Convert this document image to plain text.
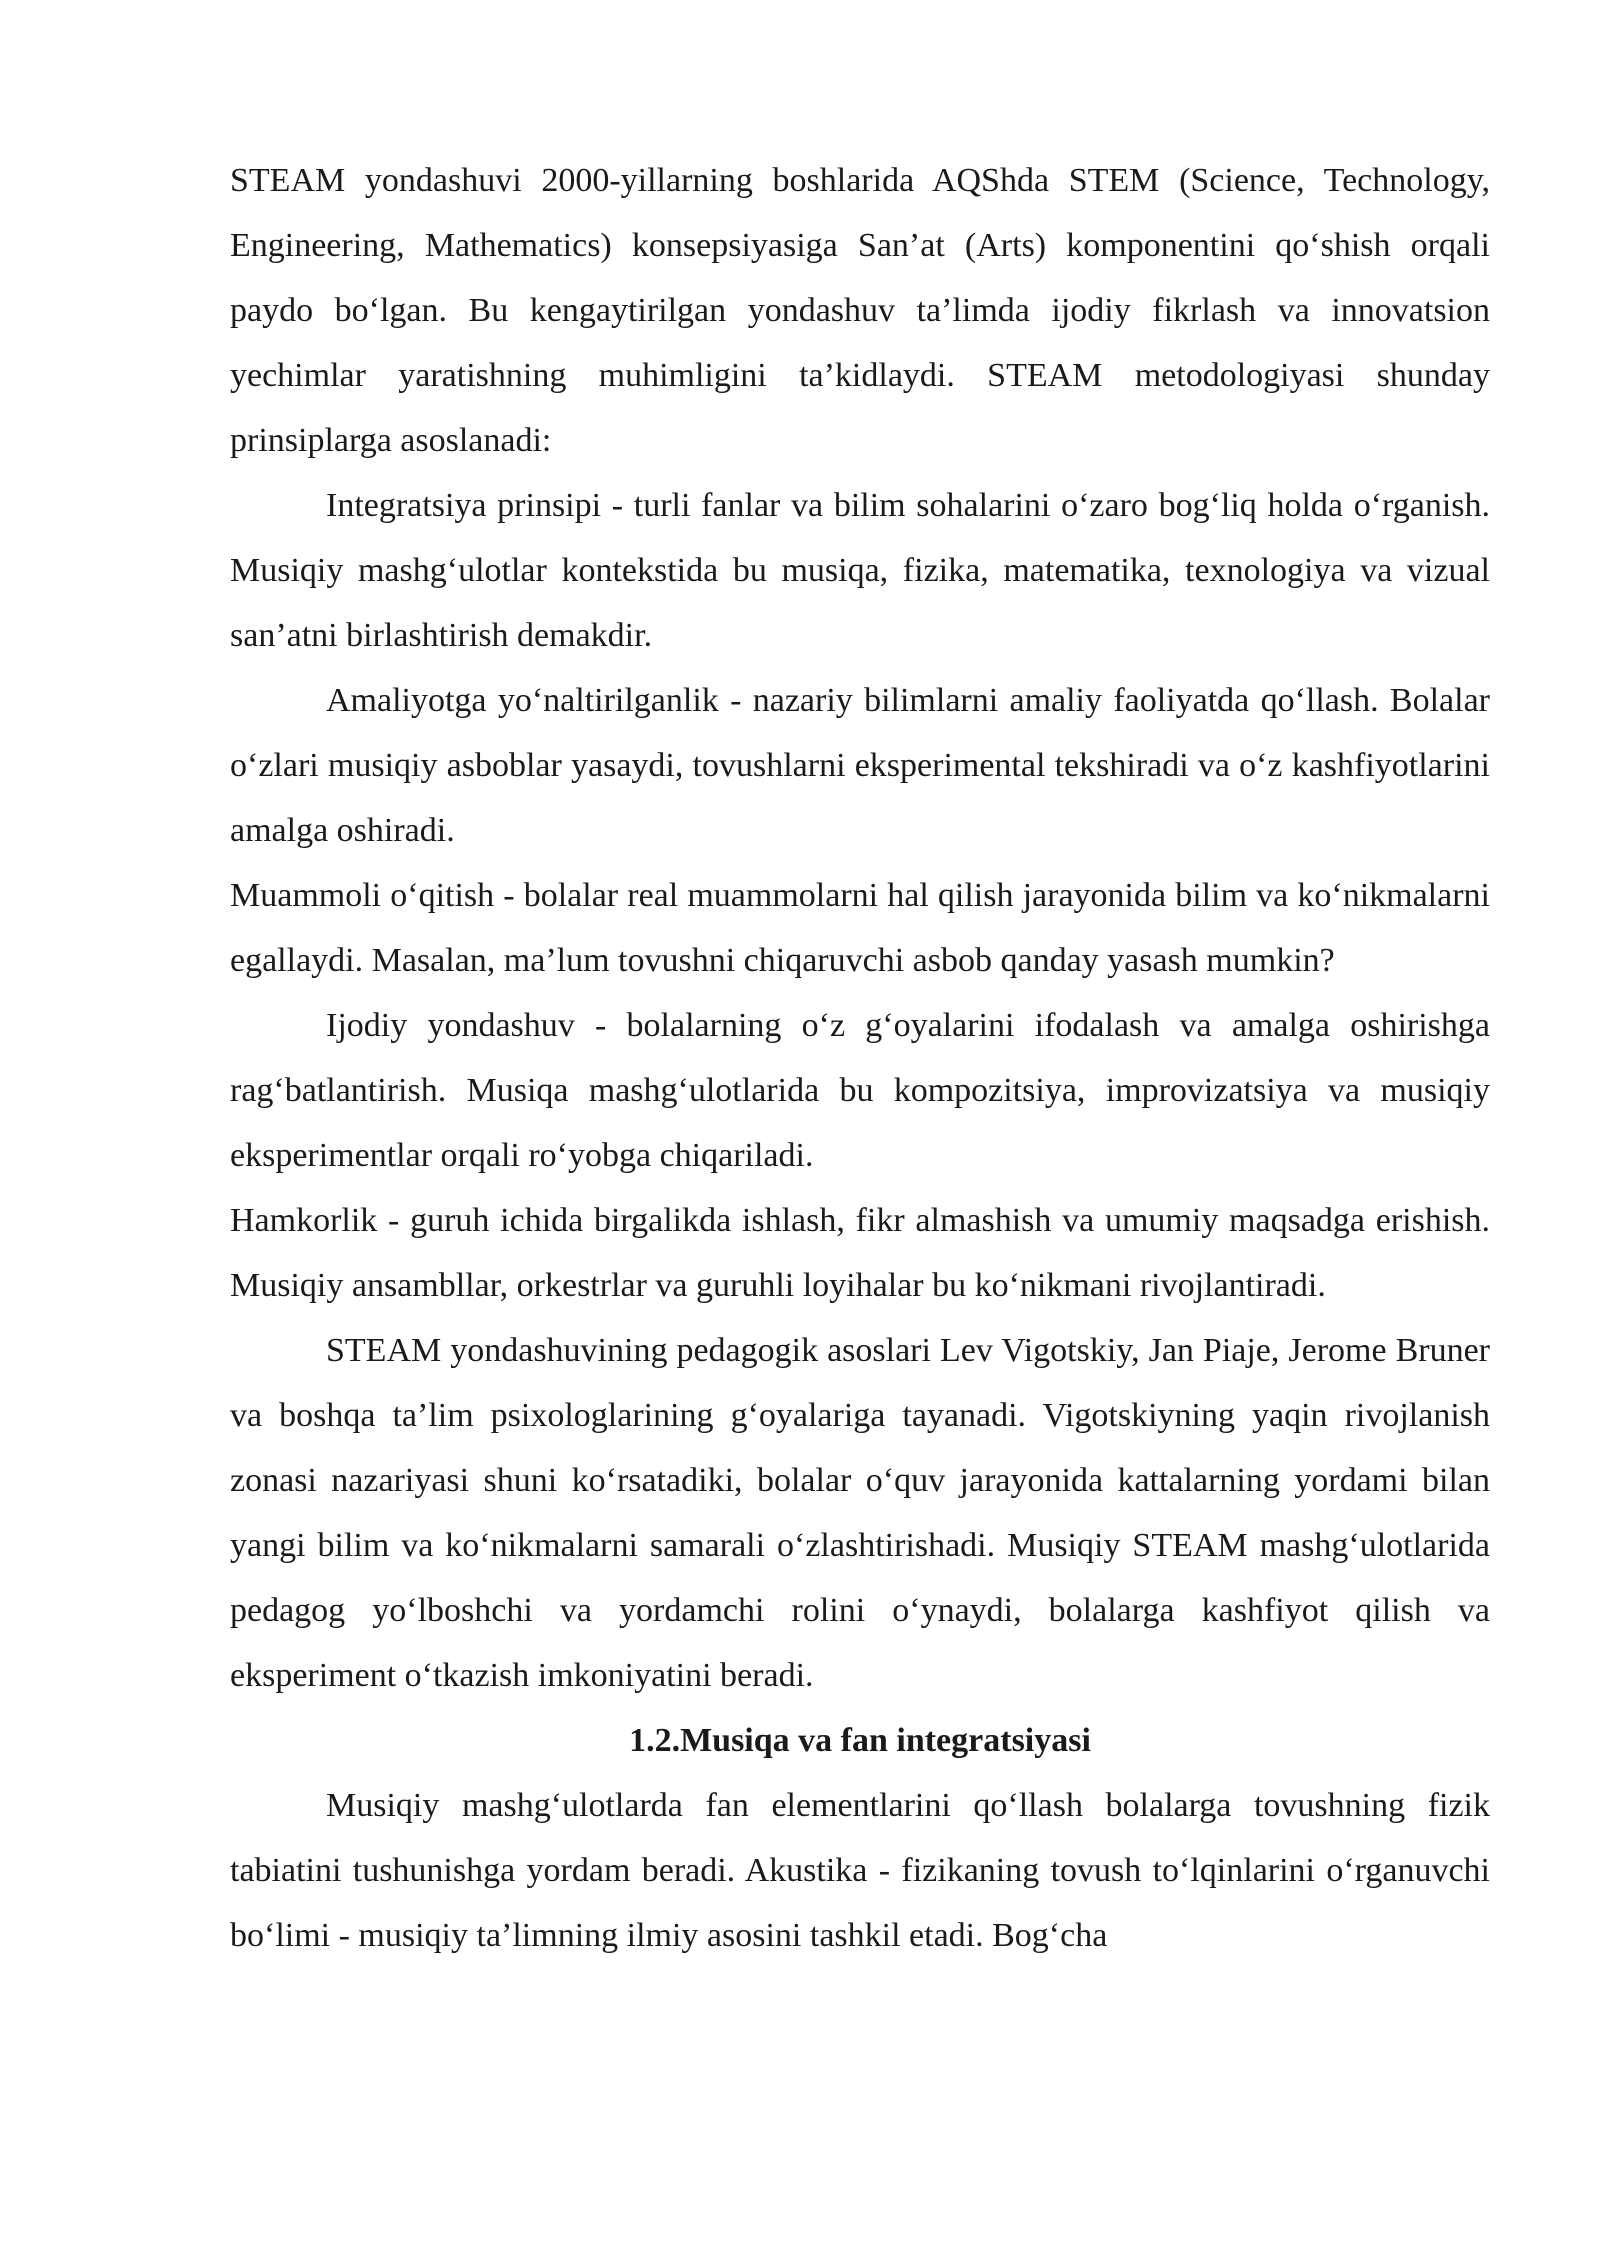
STEAM yondashuvi 2000-yillarning boshlarida AQShda STEM (Science, Technology, Engineering, Mathematics) konsepsiyasiga San’at (Arts) komponentini qo‘shish orqali paydo bo‘lgan. Bu kengaytirilgan yondashuv ta’limda ijodiy fikrlash va innovatsion yechimlar yaratishning muhimligini ta’kidlaydi. STEAM metodologiyasi shunday prinsiplarga asoslanadi:

Integratsiya prinsipi - turli fanlar va bilim sohalarini o‘zaro bog‘liq holda o‘rganish. Musiqiy mashg‘ulotlar kontekstida bu musiqa, fizika, matematika, texnologiya va vizual san’atni birlashtirish demakdir.

Amaliyotga yo‘naltirilganlik - nazariy bilimlarni amaliy faoliyatda qo‘llash. Bolalar o‘zlari musiqiy asboblar yasaydi, tovushlarni eksperimental tekshiradi va o‘z kashfiyotlarini amalga oshiradi.

Muammoli o‘qitish - bolalar real muammolarni hal qilish jarayonida bilim va ko‘nikmalarni egallaydi. Masalan, ma’lum tovushni chiqaruvchi asbob qanday yasash mumkin?

Ijodiy yondashuv - bolalarning o‘z g‘oyalarini ifodalash va amalga oshirishga rag‘batlantirish. Musiqa mashg‘ulotlarida bu kompozitsiya, improvizatsiya va musiqiy eksperimentlar orqali ro‘yobga chiqariladi.

Hamkorlik - guruh ichida birgalikda ishlash, fikr almashish va umumiy maqsadga erishish. Musiqiy ansambllar, orkestrlar va guruhli loyihalar bu ko‘nikmani rivojlantiradi.

STEAM yondashuvining pedagogik asoslari Lev Vigotskiy, Jan Piaje, Jerome Bruner va boshqa ta’lim psixologlarining g‘oyalariga tayanadi. Vigotskiyning yaqin rivojlanish zonasi nazariyasi shuni ko‘rsatadiki, bolalar o‘quv jarayonida kattalarning yordami bilan yangi bilim va ko‘nikmalarni samarali o‘zlashtirishadi. Musiqiy STEAM mashg‘ulotlarida pedagog yo‘lboshchi va yordamchi rolini o‘ynaydi, bolalarga kashfiyot qilish va eksperiment o‘tkazish imkoniyatini beradi.

1.2.Musiqa va fan integratsiyasi

Musiqiy mashg‘ulotlarda fan elementlarini qo‘llash bolalarga tovushning fizik tabiatini tushunishga yordam beradi. Akustika - fizikaning tovush to‘lqinlarini o‘rganuvchi bo‘limi - musiqiy ta’limning ilmiy asosini tashkil etadi. Bog‘cha
